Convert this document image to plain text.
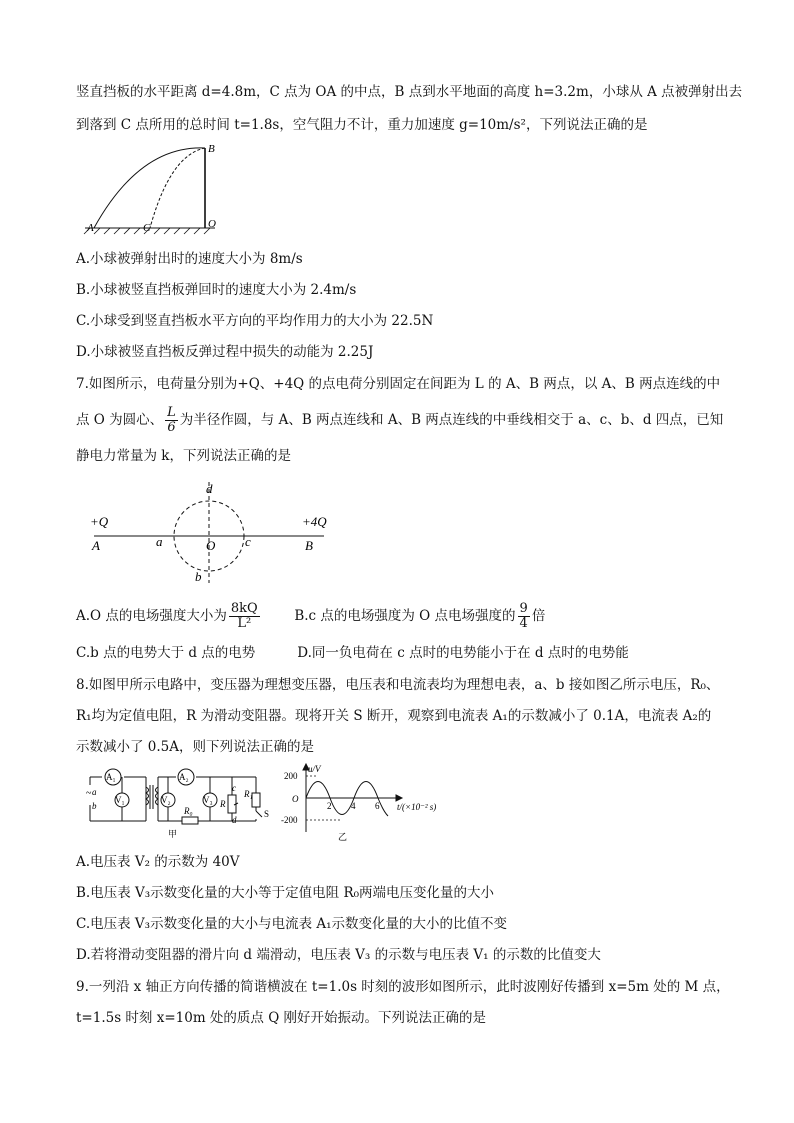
竖直挡板的水平距离 d=4.8m，C 点为 OA 的中点，B 点到水平地面的高度 h=3.2m，小球从 A 点被弹射出去
到落到 C 点所用的总时间 t=1.8s，空气阻力不计，重力加速度 g=10m/s²，下列说法正确的是
A
B
C	O
A.小球被弹射出时的速度大小为 8m/s
B.小球被竖直挡板弹回时的速度大小为 2.4m/s
C.小球受到竖直挡板水平方向的平均作用力的大小为 22.5N
D.小球被竖直挡板反弹过程中损失的动能为 2.25J
7.如图所示，电荷量分别为+Q、+4Q 的点电荷分别固定在间距为 L 的 A、B 两点，以 A、B 两点连线的中
点 O 为圆心、 $\frac{L}{6}$ 为半径作圆，与 A、B 两点连线和 A、B 两点连线的中垂线相交于 a、c、b、d 四点，已知
静电力常量为 k，下列说法正确的是
+Q	+4Q
A	B
a	O c
d
b
A.O 点的电场强度大小为 $\frac{8kQ}{\text{L²}}$	B.c 点的电场强度为 O 点电场强度的 $\frac{9}{4}$ 倍
C.b 点的电势大于 d 点的电势	D.同一负电荷在 c 点时的电势能小于在 d 点时的电势能
8.如图甲所示电路中，变压器为理想变压器，电压表和电流表均为理想电表，a、b 接如图乙所示电压，R₀、
R₁均为定值电阻，R 为滑动变阻器。现将开关 S 断开，观察到电流表 A₁的示数减小了 0.1A，电流表 A₂的
示数减小了 0.5A，则下列说法正确的是
A₁
V₁
A₂
V₂	V₃
a
b	R₀
R₁
R
c
d
S
甲
~
u/V
t/(×10⁻² s)
200
-200
O
2 4 6
乙
A.电压表 V₂ 的示数为 40V
B.电压表 V₃示数变化量的大小等于定值电阻 R₀两端电压变化量的大小
C.电压表 V₃示数变化量的大小与电流表 A₁示数变化量的大小的比值不变
D.若将滑动变阻器的滑片向 d 端滑动，电压表 V₃ 的示数与电压表 V₁ 的示数的比值变大
9.一列沿 x 轴正方向传播的简谐横波在 t=1.0s 时刻的波形如图所示，此时波刚好传播到 x=5m 处的 M 点，
t=1.5s 时刻 x=10m 处的质点 Q 刚好开始振动。下列说法正确的是
